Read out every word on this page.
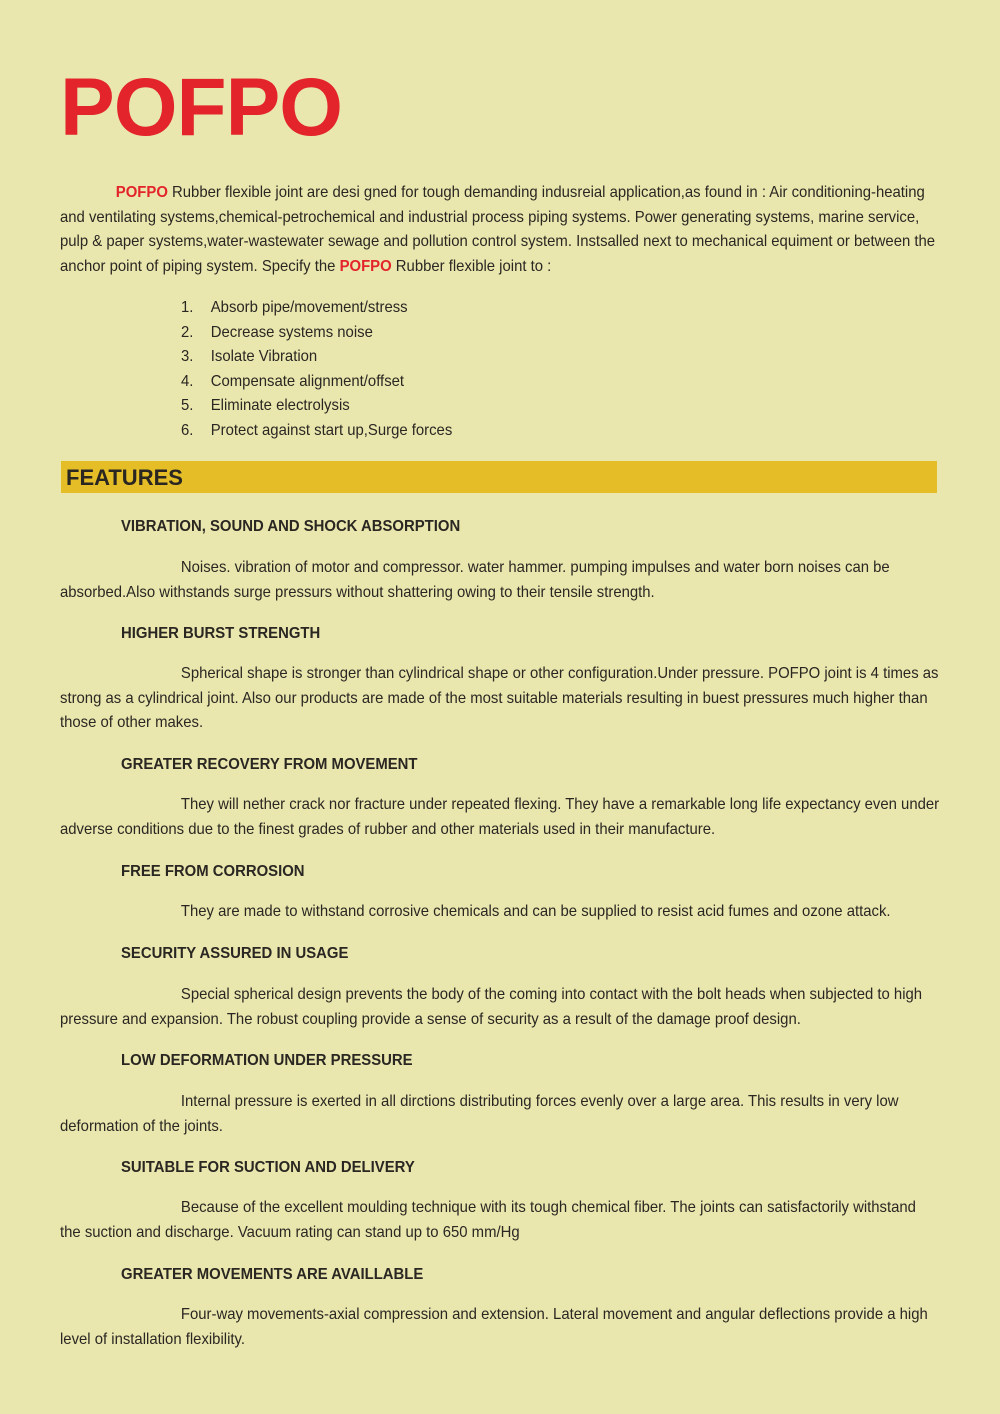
POFPO

POFPO Rubber flexible joint are desi gned for tough demanding indusreial application,as found in : Air conditioning-heating and ventilating systems,chemical-petrochemical and industrial process piping systems. Power generating systems, marine service, pulp & paper systems,water-wastewater sewage and pollution control system. Instsalled next to mechanical equiment or between the anchor point of piping system. Specify the POFPO Rubber flexible joint to :

1.	Absorb pipe/movement/stress
2.	Decrease systems noise
3.	Isolate Vibration
4.	Compensate alignment/offset
5.	Eliminate electrolysis
6.	Protect against start up,Surge forces
FEATURES
VIBRATION, SOUND AND SHOCK ABSORPTION

Noises. vibration of motor and compressor. water hammer. pumping impulses and water born noises can be absorbed.Also withstands surge pressurs without shattering owing to their tensile strength.

HIGHER BURST STRENGTH

Spherical shape is stronger than cylindrical shape or other configuration.Under pressure. POFPO joint is 4 times as strong as a cylindrical joint. Also our products are made of the most suitable materials resulting in buest pressures much higher than those of other makes.

GREATER RECOVERY FROM MOVEMENT

They will nether crack nor fracture under repeated flexing. They have a remarkable long life expectancy even under adverse conditions due to the finest grades of rubber and other materials used in their manufacture.

FREE FROM CORROSION

They are made to withstand corrosive chemicals and can be supplied to resist acid fumes and ozone attack.

SECURITY ASSURED IN USAGE

Special spherical design prevents the body of the coming into contact with the bolt heads when subjected to high pressure and expansion. The robust coupling provide a sense of security as a result of the damage proof design.

LOW DEFORMATION UNDER PRESSURE

Internal pressure is exerted in all dirctions distributing forces evenly over a large area. This results in very low deformation of the joints.

SUITABLE FOR SUCTION AND DELIVERY

Because of the excellent moulding technique with its tough chemical fiber. The joints can satisfactorily withstand the suction and discharge. Vacuum rating can stand up to 650 mm/Hg

GREATER MOVEMENTS ARE AVAILLABLE

Four-way movements-axial compression and extension. Lateral movement and angular deflections provide a high level of installation flexibility.
